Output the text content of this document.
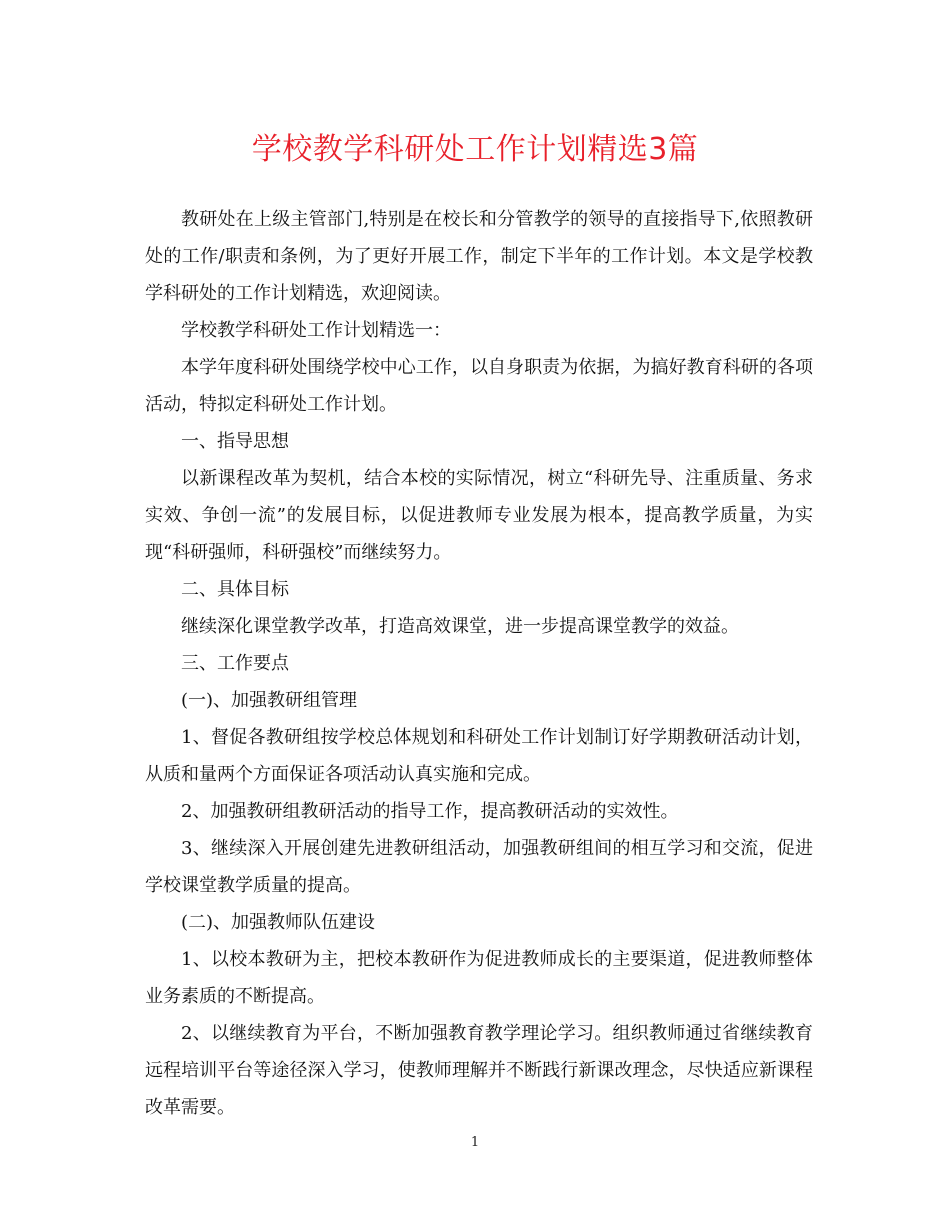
学校教学科研处工作计划精选3篇

教研处在上级主管部门,特别是在校长和分管教学的领导的直接指导下,依照教研处的工作/职责和条例，为了更好开展工作，制定下半年的工作计划。本文是学校教学科研处的工作计划精选，欢迎阅读。

学校教学科研处工作计划精选一：

本学年度科研处围绕学校中心工作，以自身职责为依据，为搞好教育科研的各项活动，特拟定科研处工作计划。

一、指导思想

以新课程改革为契机，结合本校的实际情况，树立“科研先导、注重质量、务求实效、争创一流”的发展目标，以促进教师专业发展为根本，提高教学质量，为实现“科研强师，科研强校”而继续努力。

二、具体目标

继续深化课堂教学改革，打造高效课堂，进一步提高课堂教学的效益。

三、工作要点

(一)、加强教研组管理

1、督促各教研组按学校总体规划和科研处工作计划制订好学期教研活动计划，从质和量两个方面保证各项活动认真实施和完成。

2、加强教研组教研活动的指导工作，提高教研活动的实效性。

3、继续深入开展创建先进教研组活动，加强教研组间的相互学习和交流，促进学校课堂教学质量的提高。

(二)、加强教师队伍建设

1、以校本教研为主，把校本教研作为促进教师成长的主要渠道，促进教师整体业务素质的不断提高。

2、以继续教育为平台，不断加强教育教学理论学习。组织教师通过省继续教育远程培训平台等途径深入学习，使教师理解并不断践行新课改理念，尽快适应新课程改革需要。

1
